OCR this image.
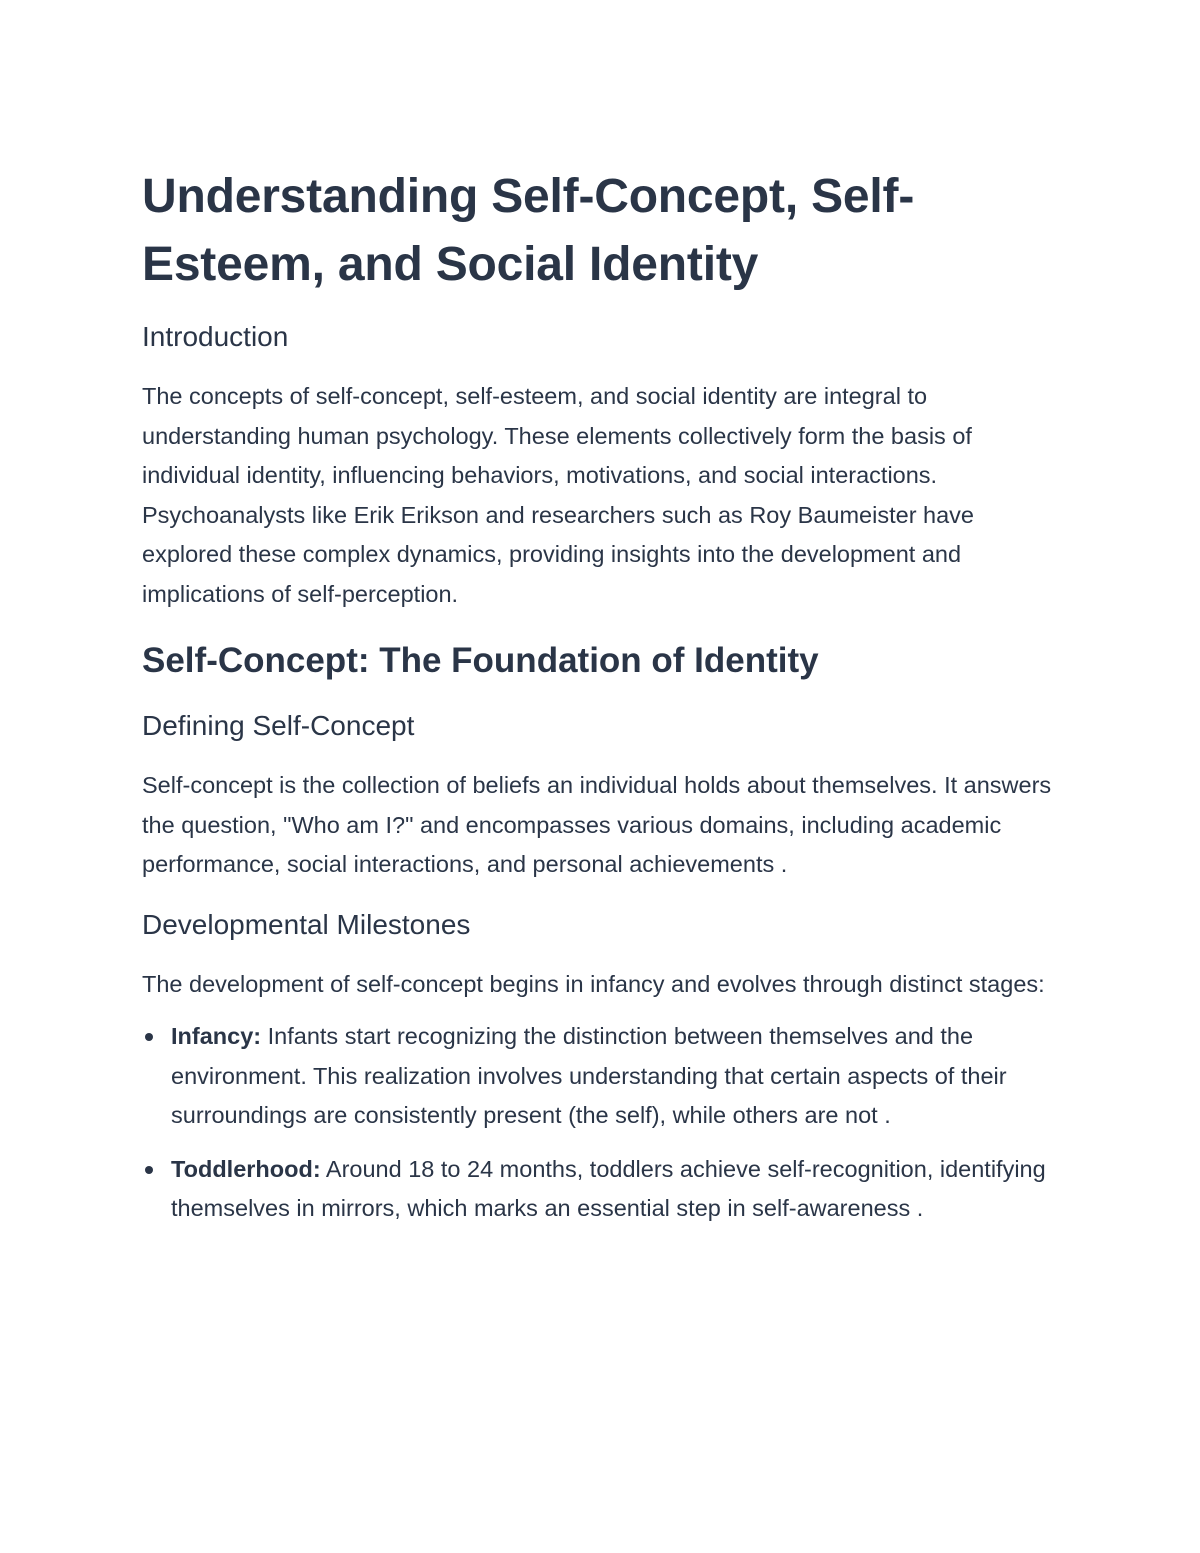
Understanding Self-Concept, Self-Esteem, and Social Identity
Introduction

The concepts of self-concept, self-esteem, and social identity are integral to understanding human psychology. These elements collectively form the basis of individual identity, influencing behaviors, motivations, and social interactions. Psychoanalysts like Erik Erikson and researchers such as Roy Baumeister have explored these complex dynamics, providing insights into the development and implications of self-perception.

Self-Concept: The Foundation of Identity
Defining Self-Concept

Self-concept is the collection of beliefs an individual holds about themselves. It answers the question, "Who am I?" and encompasses various domains, including academic performance, social interactions, and personal achievements .

Developmental Milestones

The development of self-concept begins in infancy and evolves through distinct stages:

Infancy: Infants start recognizing the distinction between themselves and the environment. This realization involves understanding that certain aspects of their surroundings are consistently present (the self), while others are not .
Toddlerhood: Around 18 to 24 months, toddlers achieve self-recognition, identifying themselves in mirrors, which marks an essential step in self-awareness .
